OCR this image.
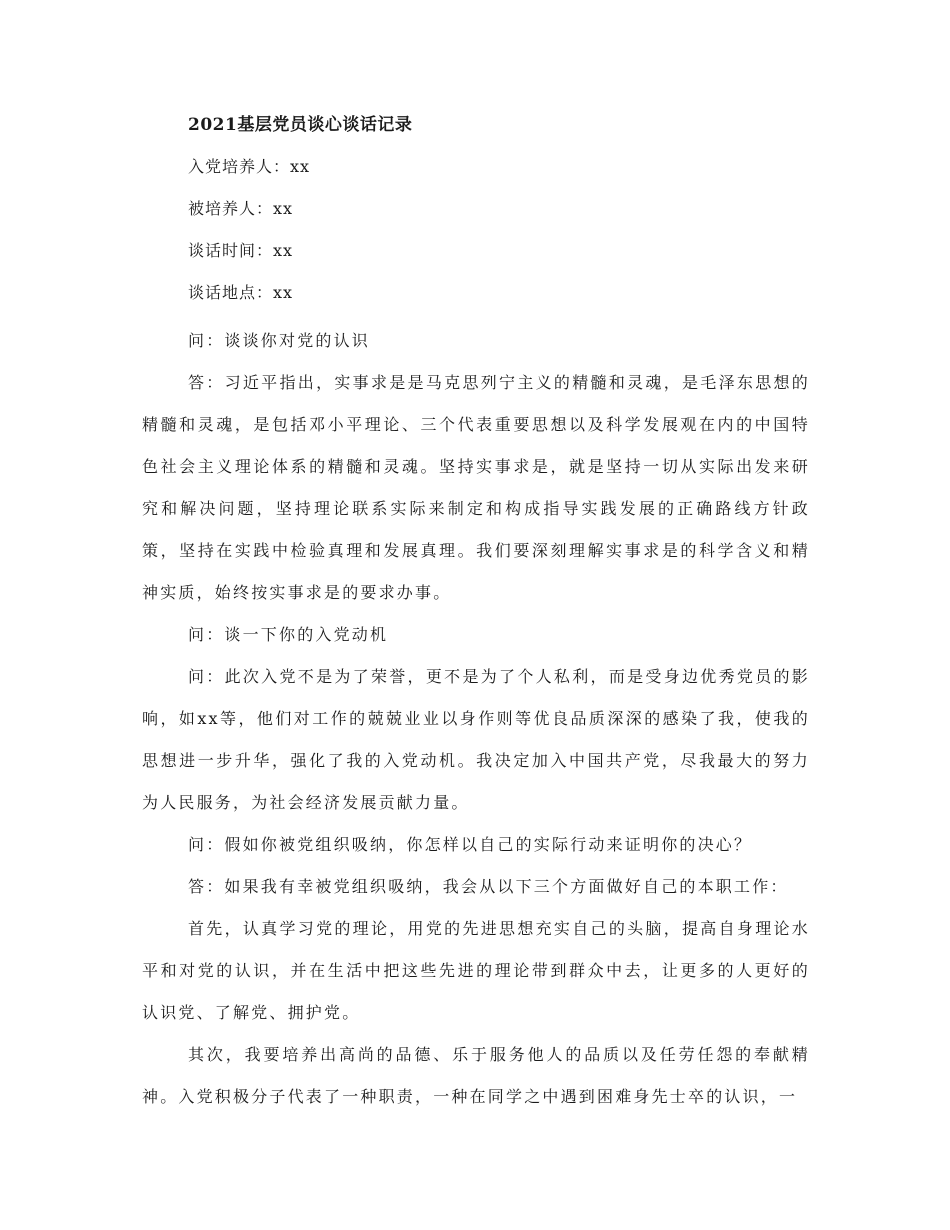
2021基层党员谈心谈话记录
入党培养人：xx
被培养人：xx
谈话时间：xx
谈话地点：xx

问：谈谈你对党的认识

答：习近平指出，实事求是是马克思列宁主义的精髓和灵魂，是毛泽东思想的精髓和灵魂，是包括邓小平理论、三个代表重要思想以及科学发展观在内的中国特色社会主义理论体系的精髓和灵魂。坚持实事求是，就是坚持一切从实际出发来研究和解决问题，坚持理论联系实际来制定和构成指导实践发展的正确路线方针政策，坚持在实践中检验真理和发展真理。我们要深刻理解实事求是的科学含义和精神实质，始终按实事求是的要求办事。

问：谈一下你的入党动机

问：此次入党不是为了荣誉，更不是为了个人私利，而是受身边优秀党员的影响，如xx等，他们对工作的兢兢业业以身作则等优良品质深深的感染了我，使我的思想进一步升华，强化了我的入党动机。我决定加入中国共产党，尽我最大的努力为人民服务，为社会经济发展贡献力量。

问：假如你被党组织吸纳，你怎样以自己的实际行动来证明你的决心？

答：如果我有幸被党组织吸纳，我会从以下三个方面做好自己的本职工作：

首先，认真学习党的理论，用党的先进思想充实自己的头脑，提高自身理论水平和对党的认识，并在生活中把这些先进的理论带到群众中去，让更多的人更好的认识党、了解党、拥护党。

其次，我要培养出高尚的品德、乐于服务他人的品质以及任劳任怨的奉献精神。入党积极分子代表了一种职责，一种在同学之中遇到困难身先士卒的认识，一
